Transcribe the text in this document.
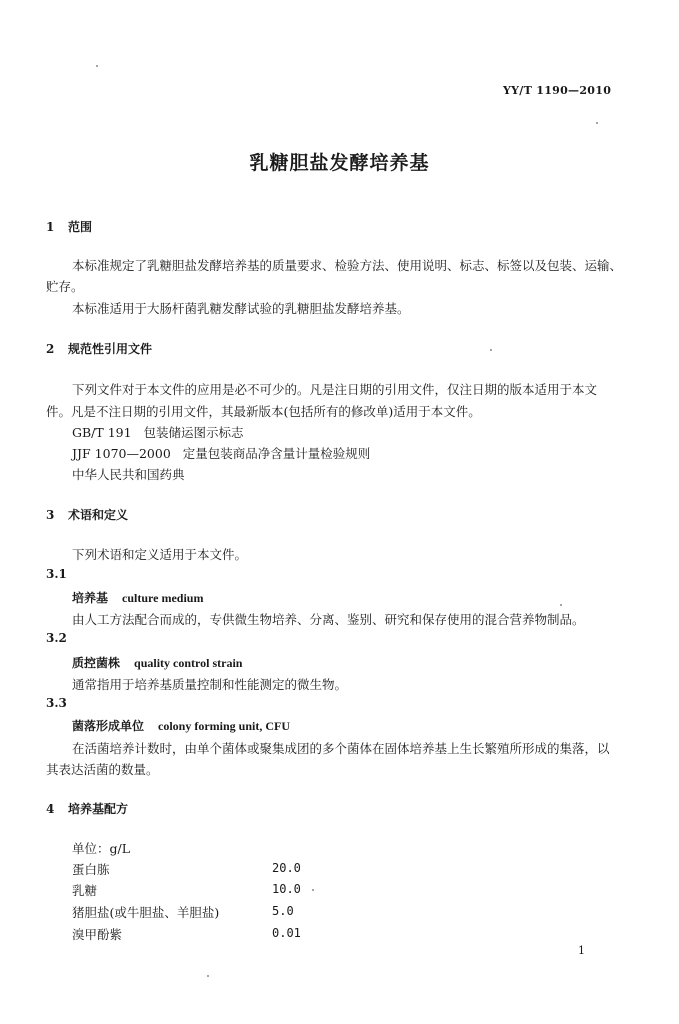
YY/T 1190—2010
乳糖胆盐发酵培养基
1 范围
本标准规定了乳糖胆盐发酵培养基的质量要求、检验方法、使用说明、标志、标签以及包装、运输、
贮存。
本标准适用于大肠杆菌乳糖发酵试验的乳糖胆盐发酵培养基。
2 规范性引用文件
下列文件对于本文件的应用是必不可少的。凡是注日期的引用文件，仅注日期的版本适用于本文
件。凡是不注日期的引用文件，其最新版本(包括所有的修改单)适用于本文件。
GB/T 191 包装储运图示标志
JJF 1070—2000 定量包装商品净含量计量检验规则
中华人民共和国药典
3 术语和定义
下列术语和定义适用于本文件。
3.1
培养基 culture medium
由人工方法配合而成的，专供微生物培养、分离、鉴别、研究和保存使用的混合营养物制品。
3.2
质控菌株 quality control strain
通常指用于培养基质量控制和性能测定的微生物。
3.3
菌落形成单位 colony forming unit, CFU
在活菌培养计数时，由单个菌体或聚集成团的多个菌体在固体培养基上生长繁殖所形成的集落，以
其表达活菌的数量。
4 培养基配方
单位：g/L
蛋白胨	20.0
乳糖	10.0
猪胆盐(或牛胆盐、羊胆盐)	5.0
溴甲酚紫	0.01
1
